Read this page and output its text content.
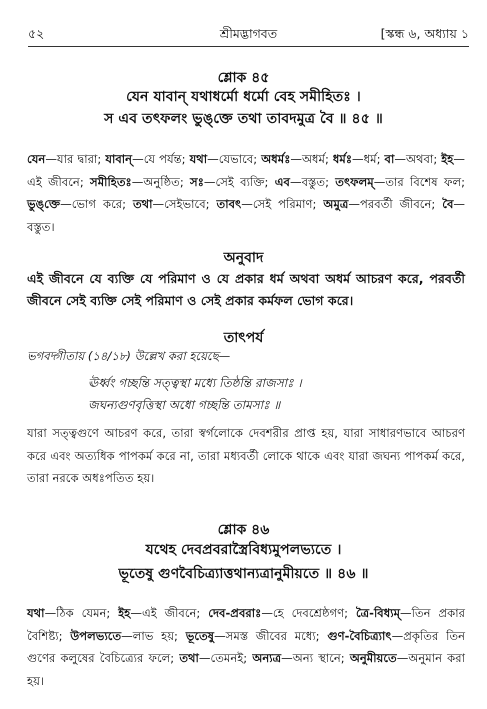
৫২	শ্রীমদ্ভাগবত	[স্কন্ধ ৬, অধ্যায় ১
শ্লোক ৪৫
যেন যাবান্ যথাধর্মো ধর্মো বেহ সমীহিতঃ ।
স এব তৎফলং ভুঙ্‌ক্তে তথা তাবদমুত্র বৈ ॥ ৪৫ ॥
যেন—যার দ্বারা; যাবান্—যে পর্যন্ত; যথা—যেভাবে; অধর্মঃ—অধর্ম; ধর্মঃ—ধর্ম; বা—অথবা; ইহ—এই জীবনে; সমীহিতঃ—অনুষ্ঠিত; সঃ—সেই ব্যক্তি; এব—বস্তুত; তৎফলম্—তার বিশেষ ফল; ভুঙ্‌ক্তে—ভোগ করে; তথা—সেইভাবে; তাবৎ—সেই পরিমাণ; অমুত্র—পরবর্তী জীবনে; বৈ—বস্তুত।
অনুবাদ
এই জীবনে যে ব্যক্তি যে পরিমাণ ও যে প্রকার ধর্ম অথবা অধর্ম আচরণ করে, পরবর্তী জীবনে সেই ব্যক্তি সেই পরিমাণ ও সেই প্রকার কর্মফল ভোগ করে।
তাৎপর্য
ভগবদ্গীতায় (১৪/১৮) উল্লেখ করা হয়েছে—
ঊর্ধ্বং গচ্ছন্তি সত্ত্বস্থা মধ্যে তিষ্ঠন্তি রাজসাঃ ।
জঘন্যগুণবৃত্তিস্থা অধো গচ্ছন্তি তামসাঃ ॥
যারা সত্ত্বগুণে আচরণ করে, তারা স্বর্গলোকে দেবশরীর প্রাপ্ত হয়, যারা সাধারণভাবে আচরণ করে এবং অত্যধিক পাপকর্ম করে না, তারা মধ্যবর্তী লোকে থাকে এবং যারা জঘন্য পাপকর্ম করে, তারা নরকে অধঃপতিত হয়।
শ্লোক ৪৬
যথেহ দেবপ্রবরাস্ত্রৈবিধ্যমুপলভ্যতে ।
ভূতেষু গুণবৈচিত্র্যাত্তথান্যত্রানুমীয়তে ॥ ৪৬ ॥
যথা—ঠিক যেমন; ইহ—এই জীবনে; দেব-প্রবরাঃ—হে দেবশ্রেষ্ঠগণ; ত্রৈ-বিধ্যম্—তিন প্রকার বৈশিষ্ট্য; উপলভ্যতে—লাভ হয়; ভূতেষু—সমস্ত জীবের মধ্যে; গুণ-বৈচিত্র্যাৎ—প্রকৃতির তিন গুণের কলুষের বৈচিত্র্যের ফলে; তথা—তেমনই; অন্যত্র—অন্য স্থানে; অনুমীয়তে—অনুমান করা হয়।
